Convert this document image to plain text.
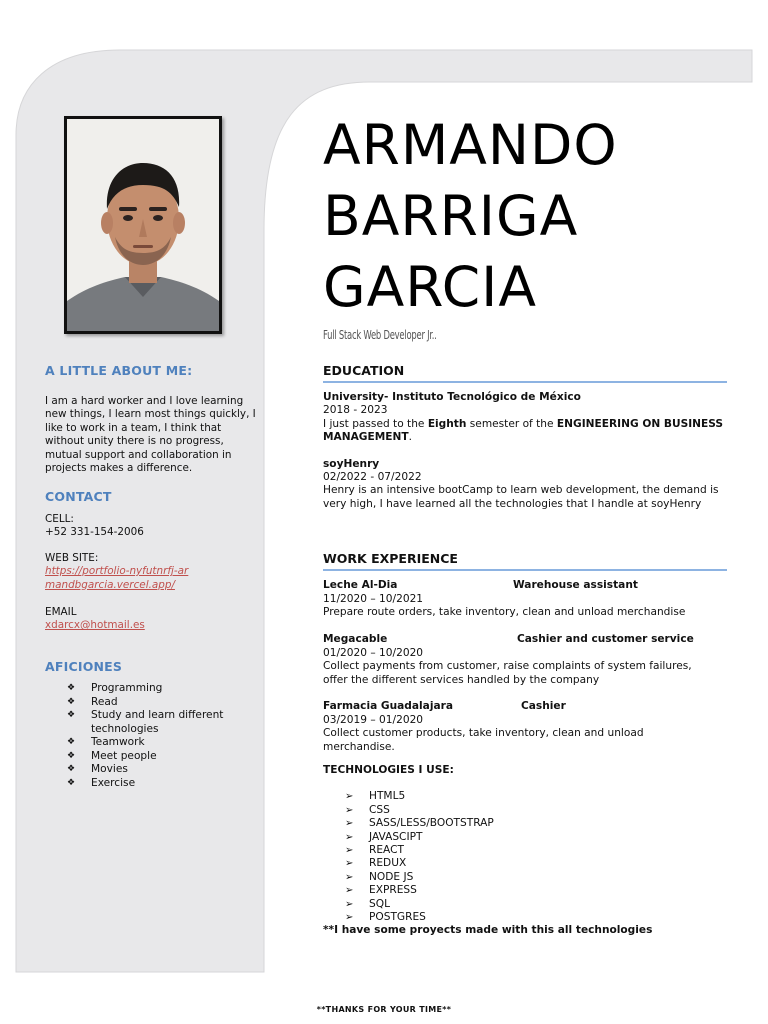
A LITTLE ABOUT ME:
I am a hard worker and I love learning new things, I learn most things quickly, I like to work in a team, I think that without unity there is no progress, mutual support and collaboration in projects makes a difference.
CONTACT
CELL:
+52 331-154-2006
WEB SITE:
https://portfolio-nyfutnrfj-armandbgarcia.vercel.app/
EMAIL
xdarcx@hotmail.es
AFICIONES
❖ Programming
❖ Read
❖ Study and learn different technologies
❖ Teamwork
❖ Meet people
❖ Movies
❖ Exercise
ARMANDO
BARRIGA
GARCIA
Full Stack Web Developer Jr..
EDUCATION
University- Instituto Tecnológico de México
2018 - 2023
I just passed to the Eighth semester of the ENGINEERING ON BUSINESS MANAGEMENT.
soyHenry
02/2022 - 07/2022
Henry is an intensive bootCamp to learn web development, the demand is very high, I have learned all the technologies that I handle at soyHenry
WORK EXPERIENCE
Leche Al-Dia	Warehouse assistant
11/2020 – 10/2021
Prepare route orders, take inventory, clean and unload merchandise
Megacable	Cashier and customer service
01/2020 – 10/2020
Collect payments from customer, raise complaints of system failures, offer the different services handled by the company
Farmacia Guadalajara	Cashier
03/2019 – 01/2020
Collect customer products, take inventory, clean and unload merchandise.
TECHNOLOGIES I USE:
➢ HTML5
➢ CSS
➢ SASS/LESS/BOOTSTRAP
➢ JAVASCIPT
➢ REACT
➢ REDUX
➢ NODE JS
➢ EXPRESS
➢ SQL
➢ POSTGRES
**I have some proyects made with this all technologies
**THANKS FOR YOUR TIME**
